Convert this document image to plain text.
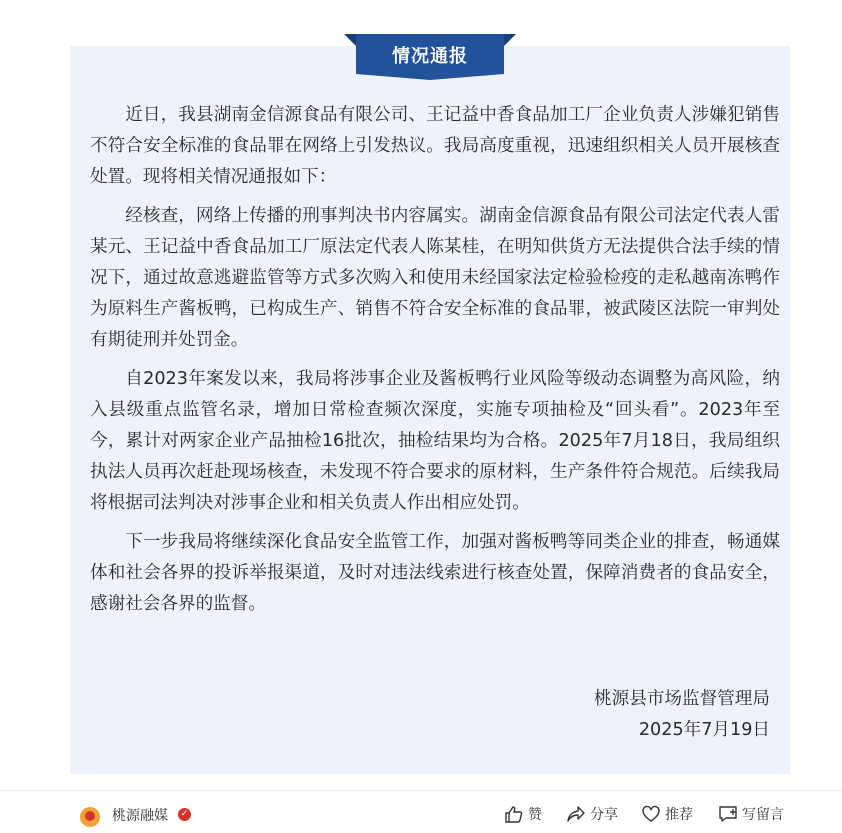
情况通报

近日，我县湖南金信源食品有限公司、王记益中香食品加工厂企业负责人涉嫌犯销售不符合安全标准的食品罪在网络上引发热议。我局高度重视，迅速组织相关人员开展核查处置。现将相关情况通报如下：

经核查，网络上传播的刑事判决书内容属实。湖南金信源食品有限公司法定代表人雷某元、王记益中香食品加工厂原法定代表人陈某桂，在明知供货方无法提供合法手续的情况下，通过故意逃避监管等方式多次购入和使用未经国家法定检验检疫的走私越南冻鸭作为原料生产酱板鸭，已构成生产、销售不符合安全标准的食品罪，被武陵区法院一审判处有期徒刑并处罚金。

自2023年案发以来，我局将涉事企业及酱板鸭行业风险等级动态调整为高风险，纳入县级重点监管名录，增加日常检查频次深度，实施专项抽检及“回头看”。2023年至今，累计对两家企业产品抽检16批次，抽检结果均为合格。2025年7月18日，我局组织执法人员再次赶赴现场核查，未发现不符合要求的原材料，生产条件符合规范。后续我局将根据司法判决对涉事企业和相关负责人作出相应处罚。

下一步我局将继续深化食品安全监管工作，加强对酱板鸭等同类企业的排查，畅通媒体和社会各界的投诉举报渠道，及时对违法线索进行核查处置，保障消费者的食品安全，感谢社会各界的监督。

桃源县市场监督管理局
2025年7月19日
桃源融媒	✓	赞	分享	推荐	写留言
